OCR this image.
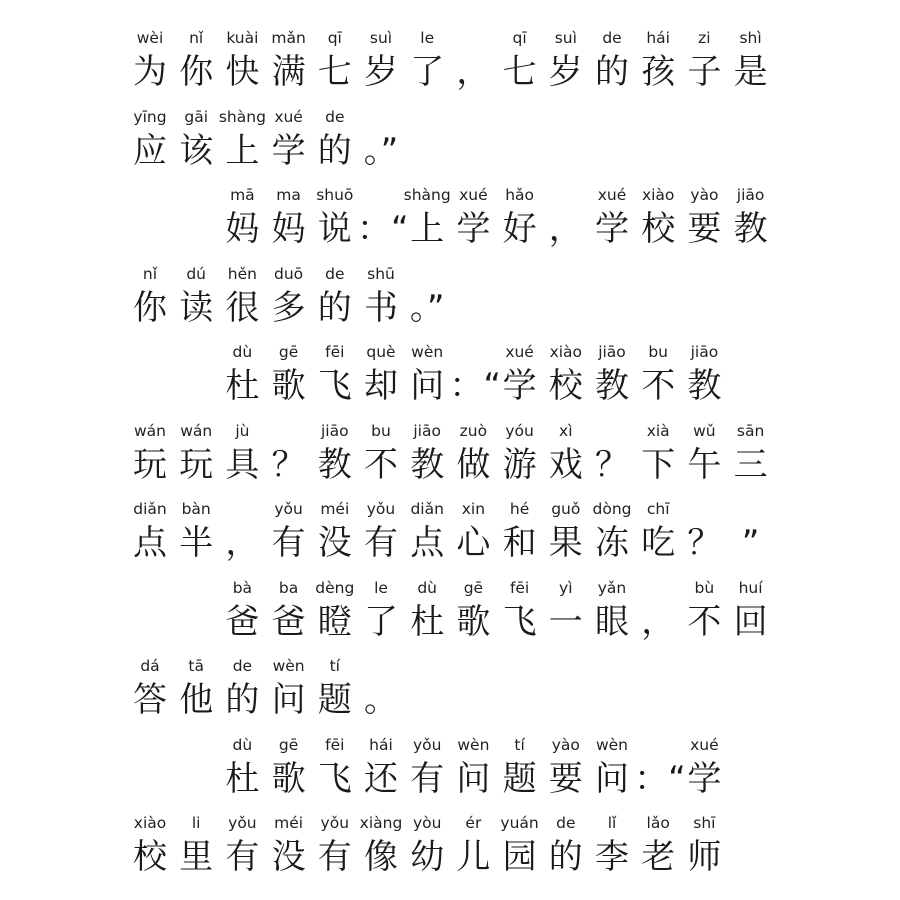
wèi
为
nǐ
你
kuài
快
mǎn
满
qī
七
suì
岁
le
了 ，
qī
七
suì
岁
de
的
hái
孩
zi
子
shì
是
yīng
应
gāi
该
shàng
上
xué
学
de
的 。”
mā
妈
ma
妈
shuō
说 ：“
shàng
上
xué
学
hǎo
好 ，
xué
学
xiào
校
yào
要
jiāo
教
nǐ
你
dú
读
hěn
很
duō
多
de
的
shū
书 。”
dù
杜
gē
歌
fēi
飞
què
却
wèn
问 ：“
xué
学
xiào
校
jiāo
教
bu
不
jiāo
教
wán
玩
wán
玩
jù
具 ？
jiāo
教
bu
不
jiāo
教
zuò
做
yóu
游
xì
戏 ？
xià
下
wǔ
午
sān
三
diǎn
点
bàn
半 ，
yǒu
有
méi
没
yǒu
有
diǎn
点
xin
心
hé
和
guǒ
果
dòng
冻
chī
吃 ？ ”
bà
爸
ba
爸
dèng
瞪
le
了
dù
杜
gē
歌
fēi
飞
yì
一
yǎn
眼 ，
bù
不
huí
回
dá
答
tā
他
de
的
wèn
问
tí
题 。
dù
杜
gē
歌
fēi
飞
hái
还
yǒu
有
wèn
问
tí
题
yào
要
wèn
问 ：“
xué
学
xiào
校
li
里
yǒu
有
méi
没
yǒu
有
xiàng
像
yòu
幼
ér
儿
yuán
园
de
的
lǐ
李
lǎo
老
shī
师
